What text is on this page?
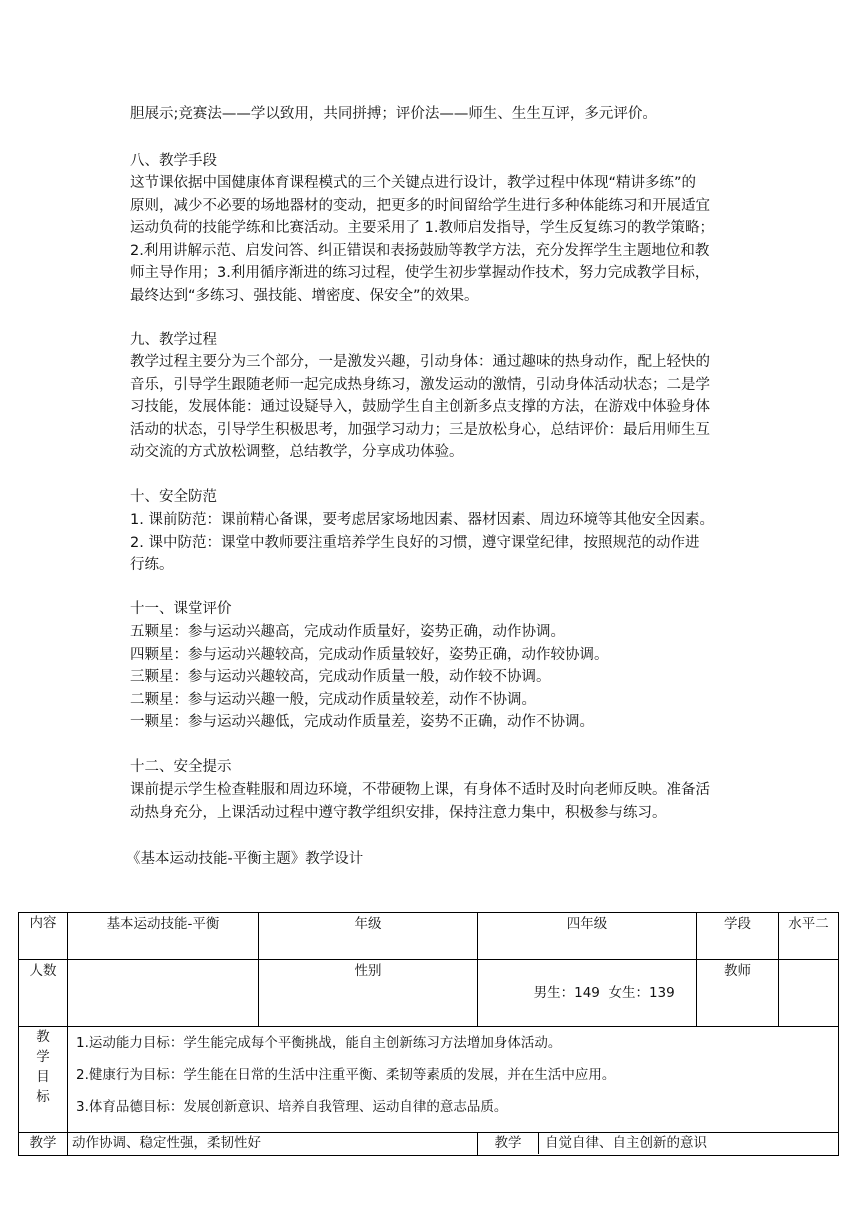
胆展示;竞赛法——学以致用，共同拼搏；评价法——师生、生生互评，多元评价。

八、教学手段

这节课依据中国健康体育课程模式的三个关键点进行设计，教学过程中体现“精讲多练”的
原则，减少不必要的场地器材的变动，把更多的时间留给学生进行多种体能练习和开展适宜
运动负荷的技能学练和比赛活动。主要采用了 1.教师启发指导，学生反复练习的教学策略；
2.利用讲解示范、启发问答、纠正错误和表扬鼓励等教学方法，充分发挥学生主题地位和教
师主导作用；3.利用循序渐进的练习过程，使学生初步掌握动作技术，努力完成教学目标，
最终达到“多练习、强技能、增密度、保安全”的效果。

九、教学过程

教学过程主要分为三个部分，一是激发兴趣，引动身体：通过趣味的热身动作，配上轻快的
音乐，引导学生跟随老师一起完成热身练习，激发运动的激情，引动身体活动状态；二是学
习技能，发展体能：通过设疑导入，鼓励学生自主创新多点支撑的方法，在游戏中体验身体
活动的状态，引导学生积极思考，加强学习动力；三是放松身心，总结评价：最后用师生互
动交流的方式放松调整，总结教学，分享成功体验。

十、安全防范

1. 课前防范：课前精心备课，要考虑居家场地因素、器材因素、周边环境等其他安全因素。
2. 课中防范：课堂中教师要注重培养学生良好的习惯，遵守课堂纪律，按照规范的动作进
行练。

十一、课堂评价

五颗星：参与运动兴趣高，完成动作质量好，姿势正确，动作协调。
四颗星：参与运动兴趣较高，完成动作质量较好，姿势正确，动作较协调。
三颗星：参与运动兴趣较高，完成动作质量一般，动作较不协调。
二颗星：参与运动兴趣一般，完成动作质量较差，动作不协调。
一颗星：参与运动兴趣低，完成动作质量差，姿势不正确，动作不协调。

十二、安全提示

课前提示学生检查鞋服和周边环境，不带硬物上课，有身体不适时及时向老师反映。准备活
动热身充分，上课活动过程中遵守教学组织安排，保持注意力集中，积极参与练习。

《基本运动技能-平衡主题》教学设计
内容	基本运动技能-平衡	年级	四年级	学段	水平二
人数		性别	男生：149  女生：139	教师	

教
学
目
标	1.运动能力目标：学生能完成每个平衡挑战，能自主创新练习方法增加身体活动。
2.健康行为目标：学生能在日常的生活中注重平衡、柔韧等素质的发展，并在生活中应用。
3.体育品德目标：发展创新意识、培养自我管理、运动自律的意志品质。				

教学	动作协调、稳定性强，柔韧性好		教学 自觉自律、自主创新的意识		
